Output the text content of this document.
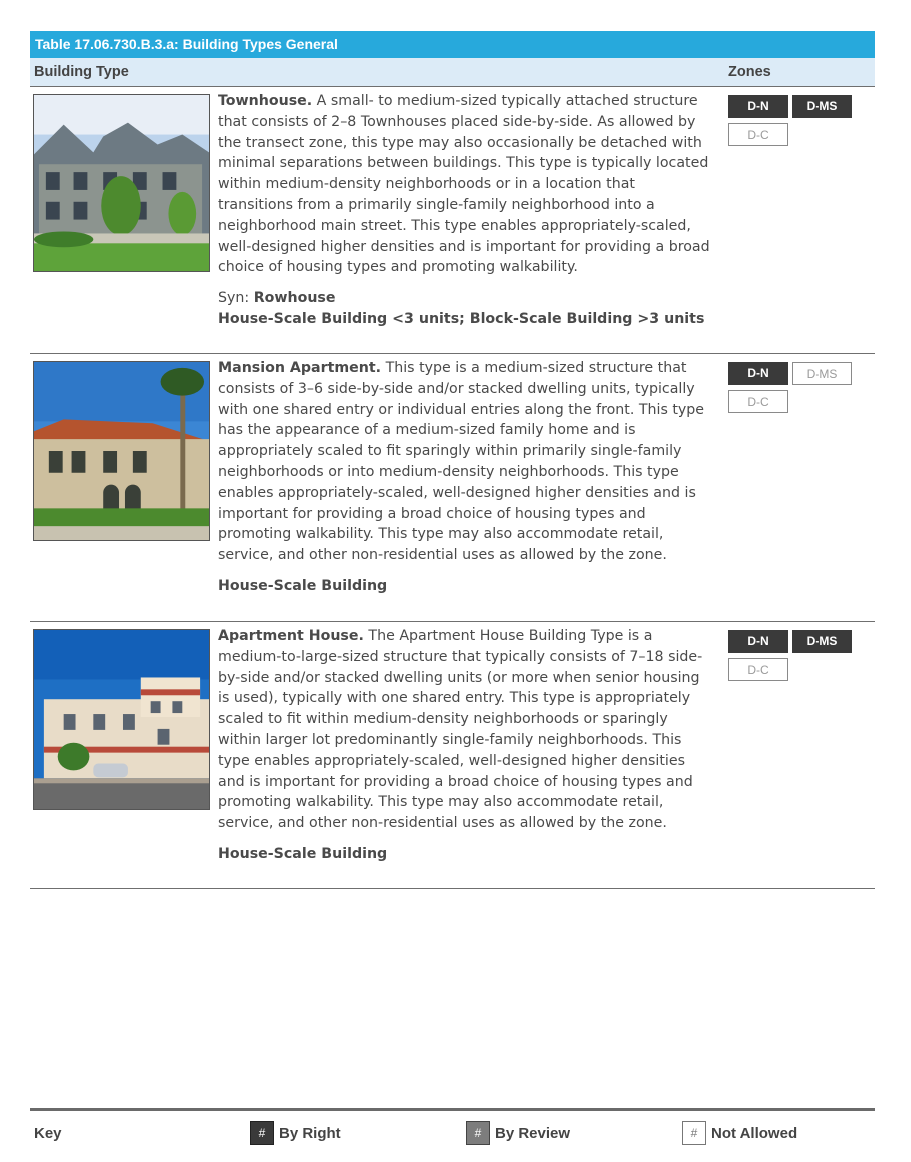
Table 17.06.730.B.3.a: Building Types General
Building Type	Zones

Townhouse. A small- to medium-sized typically attached structure that consists of 2–8 Townhouses placed side-by-side. As allowed by the transect zone, this type may also occasionally be detached with minimal separations between buildings. This type is typically located within medium-density neighborhoods or in a location that transitions from a primarily single-family neighborhood into a neighborhood main street. This type enables appropriately-scaled, well-designed higher densities and is important for providing a broad choice of housing types and promoting walkability.

Syn: Rowhouse

House-Scale Building <3 units; Block-Scale Building >3 units

D-N	D-MS
D-C

Mansion Apartment. This type is a medium-sized structure that consists of 3–6 side-by-side and/or stacked dwelling units, typically with one shared entry or individual entries along the front. This type has the appearance of a medium-sized family home and is appropriately scaled to fit sparingly within primarily single-family neighborhoods or into medium-density neighborhoods. This type enables appropriately-scaled, well-designed higher densities and is important for providing a broad choice of housing types and promoting walkability. This type may also accommodate retail, service, and other non-residential uses as allowed by the zone.

House-Scale Building

D-N	D-MS
D-C

Apartment House. The Apartment House Building Type is a medium-to-large-sized structure that typically consists of 7–18 side-by-side and/or stacked dwelling units (or more when senior housing is used), typically with one shared entry. This type is appropriately scaled to fit within medium-density neighborhoods or sparingly within larger lot predominantly single-family neighborhoods. This type enables appropriately-scaled, well-designed higher densities and is important for providing a broad choice of housing types and promoting walkability. This type may also accommodate retail, service, and other non-residential uses as allowed by the zone.

House-Scale Building

D-N	D-MS
D-C
Key	# By Right	# By Review	# Not Allowed
